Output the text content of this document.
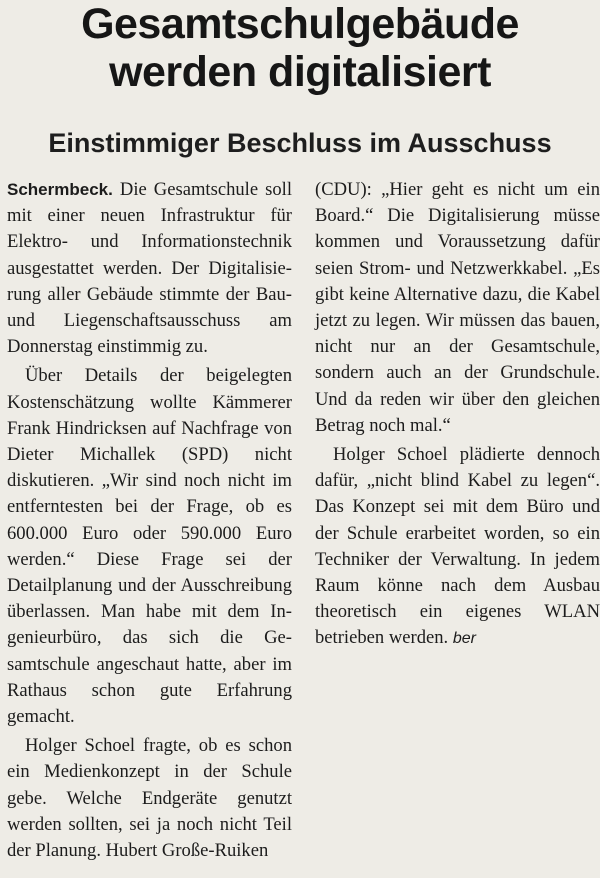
Gesamtschulgebäude
werden digitalisiert
Einstimmiger Beschluss im Ausschuss

Schermbeck. Die Gesamtschule soll mit einer neuen Infrastruktur für Elektro- und Informationstechnik ausgestattet werden. Der Digitalisierung aller Gebäude stimmte der Bau- und Liegenschaftsausschuss am Donnerstag einstimmig zu.

Über Details der beigelegten Kostenschätzung wollte Kämmerer Frank Hindricksen auf Nachfrage von Dieter Michallek (SPD) nicht diskutieren. „Wir sind noch nicht im entferntesten bei der Frage, ob es 600.000 Euro oder 590.000 Euro werden.“ Diese Frage sei der Detailplanung und der Ausschreibung überlassen. Man habe mit dem Ingenieurbüro, das sich die Gesamtschule angeschaut hatte, aber im Rathaus schon gute Erfahrung gemacht.

Holger Schoel fragte, ob es schon ein Medienkonzept in der Schule gebe. Welche Endgeräte genutzt werden sollten, sei ja noch nicht Teil der Planung. Hubert Große-Ruiken

(CDU): „Hier geht es nicht um ein Board.“ Die Digitalisierung müsse kommen und Voraussetzung dafür seien Strom- und Netzwerkkabel. „Es gibt keine Alternative dazu, die Kabel jetzt zu legen. Wir müssen das bauen, nicht nur an der Gesamtschule, sondern auch an der Grundschule. Und da reden wir über den gleichen Betrag noch mal.“

Holger Schoel plädierte dennoch dafür, „nicht blind Kabel zu legen“. Das Konzept sei mit dem Büro und der Schule erarbeitet worden, so ein Techniker der Verwaltung. In jedem Raum könne nach dem Ausbau theoretisch ein eigenes WLAN betrieben werden. ber
